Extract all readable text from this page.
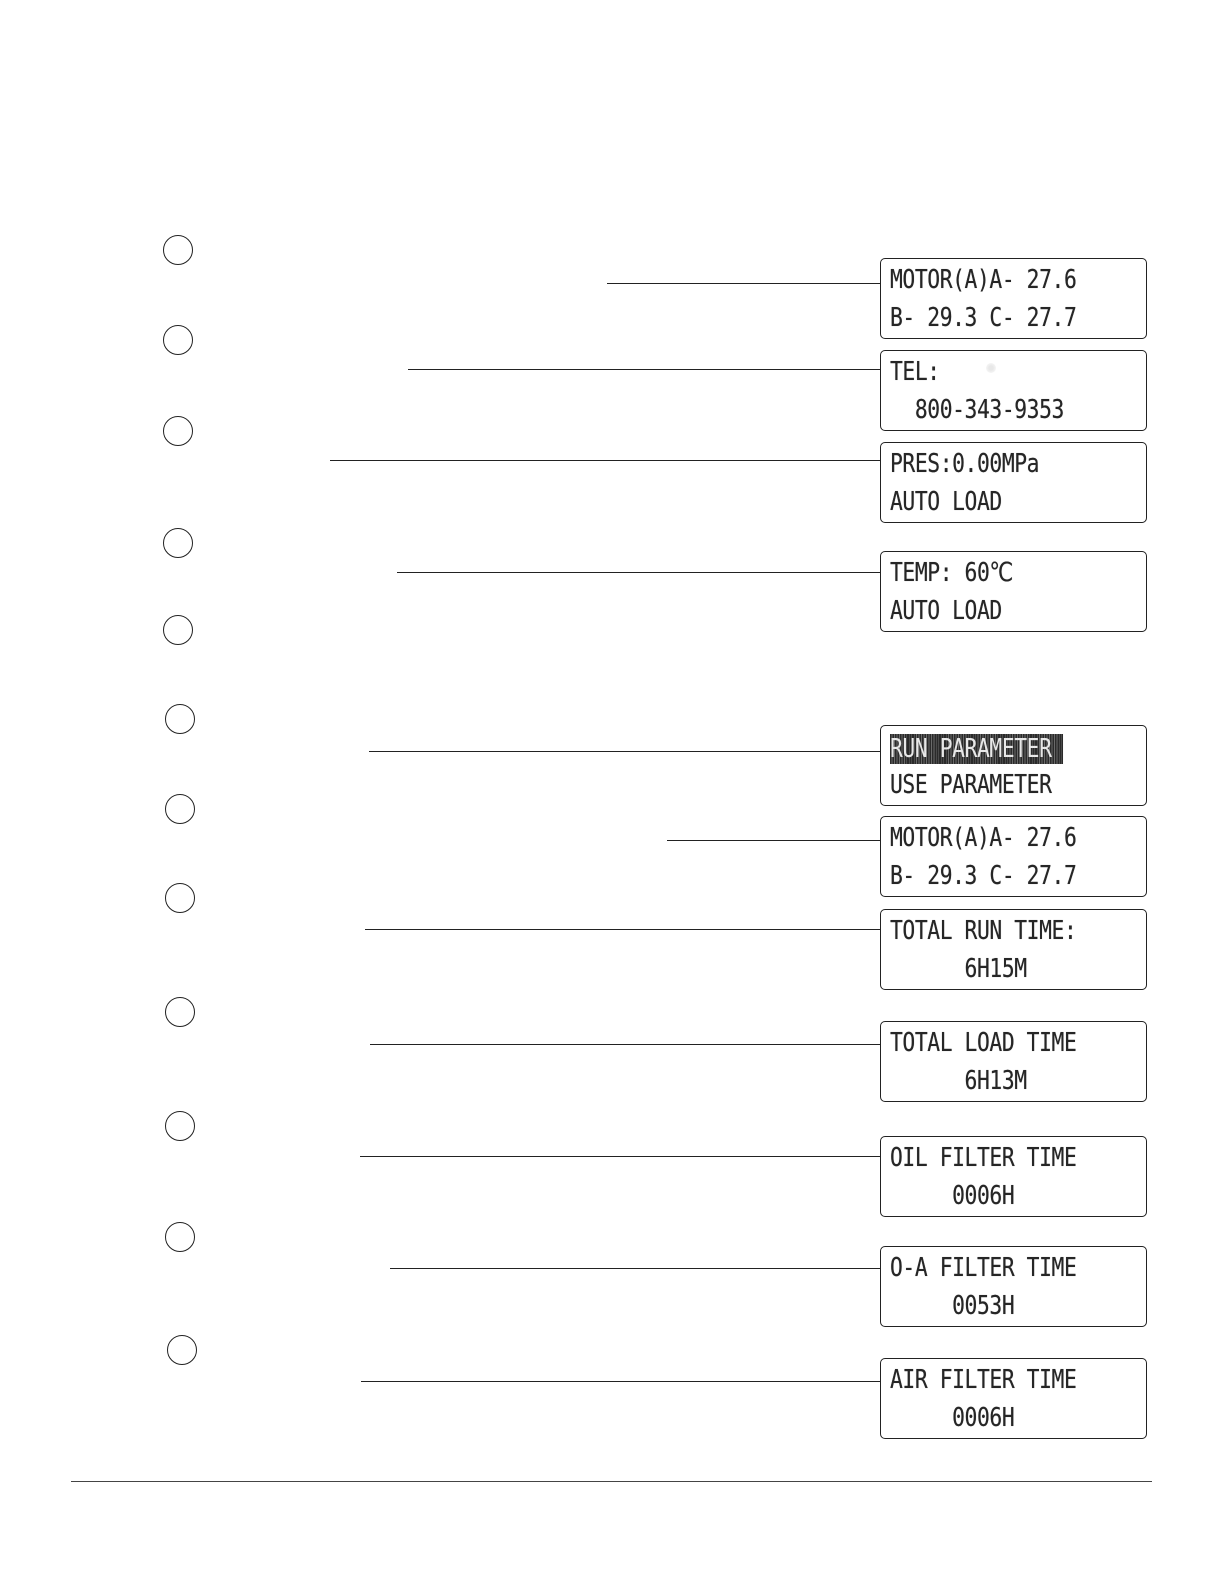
MOTOR(A)A- 27.6
B- 29.3 C- 27.7
TEL:
800-343-9353
PRES:0.00MPa
AUTO LOAD
TEMP: 60℃
AUTO LOAD
RUN PARAMETER
USE PARAMETER
MOTOR(A)A- 27.6
B- 29.3 C- 27.7
TOTAL RUN TIME:
6H15M
TOTAL LOAD TIME
6H13M
OIL FILTER TIME
0006H
O-A FILTER TIME
0053H
AIR FILTER TIME
0006H
